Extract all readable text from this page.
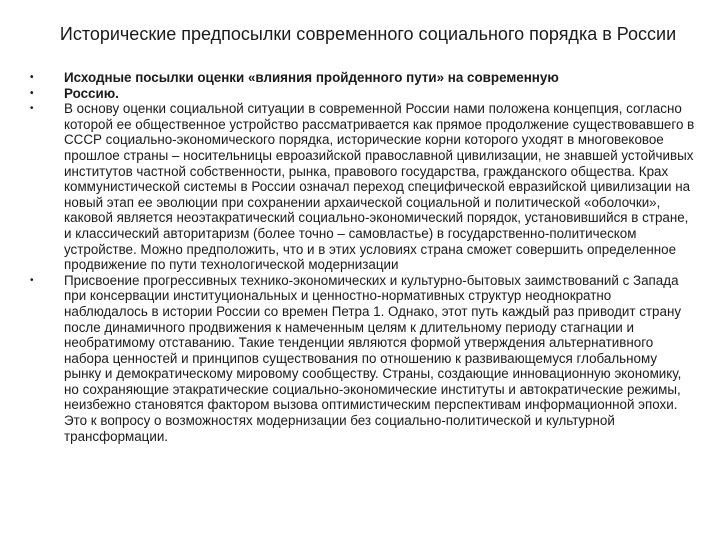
Исторические предпосылки современного социального порядка в России
•	Исходные посылки оценки «влияния пройденного пути» на современную
•	Россию.
•	В основу оценки социальной ситуации в современной России нами положена концепция, согласно которой ее общественное устройство рассматривается как прямое продолжение существовавшего в СССР социально-экономического порядка, исторические корни которого уходят в многовековое прошлое страны – носительницы евроазийской православной цивилизации, не знавшей устойчивых институтов частной собственности, рынка, правового государства, гражданского общества. Крах коммунистической системы в России означал переход специфической евразийской цивилизации на новый этап ее эволюции при сохранении архаической социальной и политической «оболочки», каковой является неоэтакратический социально-экономический порядок, установившийся в стране, и классический авторитаризм (более точно – самовластье) в государственно-политическом устройстве. Можно предположить, что и в этих условиях страна сможет совершить определенное продвижение по пути технологической модернизации
•	Присвоение прогрессивных технико-экономических и культурно-бытовых заимствований с Запада при консервации институциональных и ценностно-нормативных структур неоднократно наблюдалось в истории России со времен Петра 1. Однако, этот путь каждый раз приводит страну после динамичного продвижения к намеченным целям к длительному периоду стагнации и необратимому отставанию. Такие тенденции являются формой утверждения альтернативного набора ценностей и принципов существования по отношению к развивающемуся глобальному рынку и демократическому мировому сообществу. Страны, создающие инновационную экономику, но сохраняющие этакратические социально-экономические институты и автократические режимы, неизбежно становятся фактором вызова оптимистическим перспективам информационной эпохи. Это к вопросу о возможностях модернизации без социально-политической и культурной трансформации.
